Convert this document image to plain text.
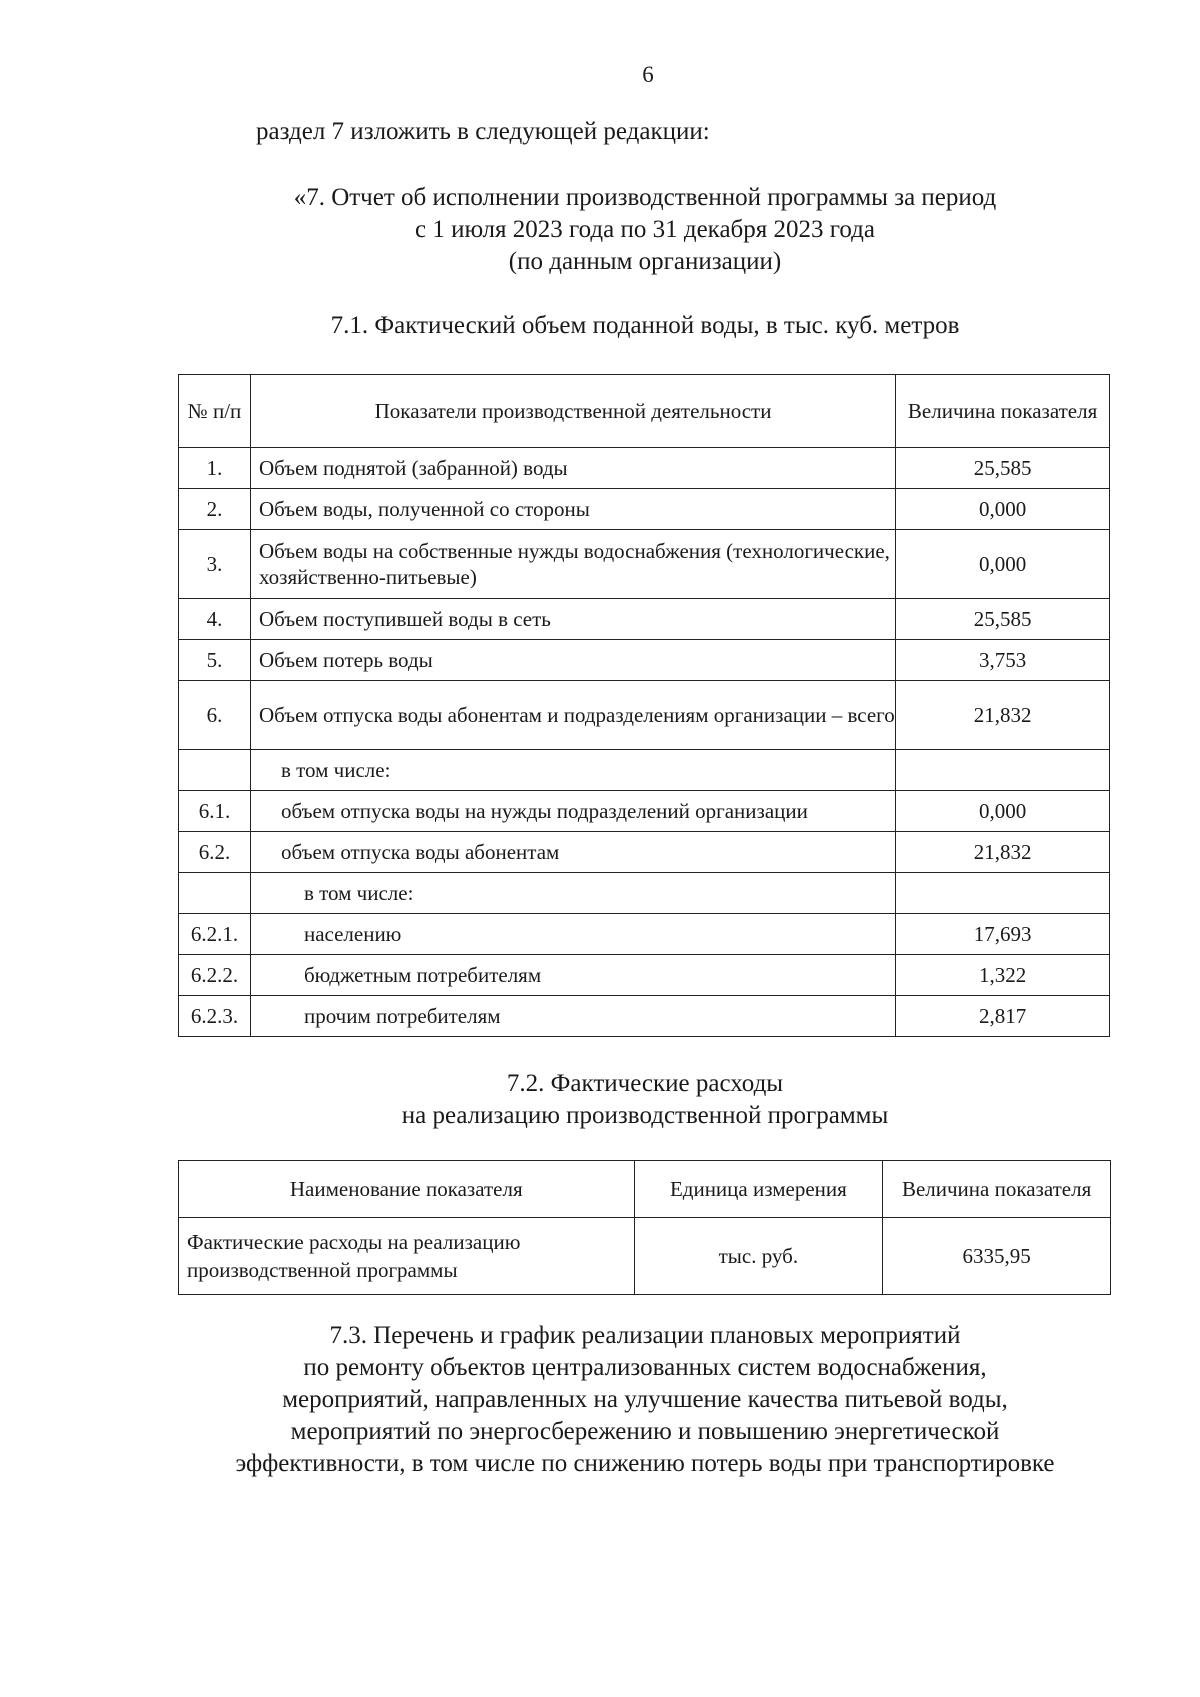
6
раздел 7 изложить в следующей редакции:
«7. Отчет об исполнении производственной программы за период
с 1 июля 2023 года по 31 декабря 2023 года
(по данным организации)
7.1. Фактический объем поданной воды, в тыс. куб. метров
№ п/п	Показатели производственной деятельности	Величина показателя
1.	Объем поднятой (забранной) воды	25,585
2.	Объем воды, полученной со стороны	0,000
3.	Объем воды на собственные нужды водоснабжения (технологические, хозяйственно-питьевые)	0,000
4.	Объем поступившей воды в сеть	25,585
5.	Объем потерь воды	3,753
6.	Объем отпуска воды абонентам и подразделениям организации – всего	21,832
	в том числе:	
6.1.	объем отпуска воды на нужды подразделений организации	0,000
6.2.	объем отпуска воды абонентам	21,832
	в том числе:	
6.2.1.	населению	17,693
6.2.2.	бюджетным потребителям	1,322
6.2.3.	прочим потребителям	2,817
7.2. Фактические расходы
на реализацию производственной программы
Наименование показателя	Единица измерения	Величина показателя
Фактические расходы на реализацию производственной программы	тыс. руб.	6335,95
7.3. Перечень и график реализации плановых мероприятий
по ремонту объектов централизованных систем водоснабжения,
мероприятий, направленных на улучшение качества питьевой воды,
мероприятий по энергосбережению и повышению энергетической
эффективности, в том числе по снижению потерь воды при транспортировке
